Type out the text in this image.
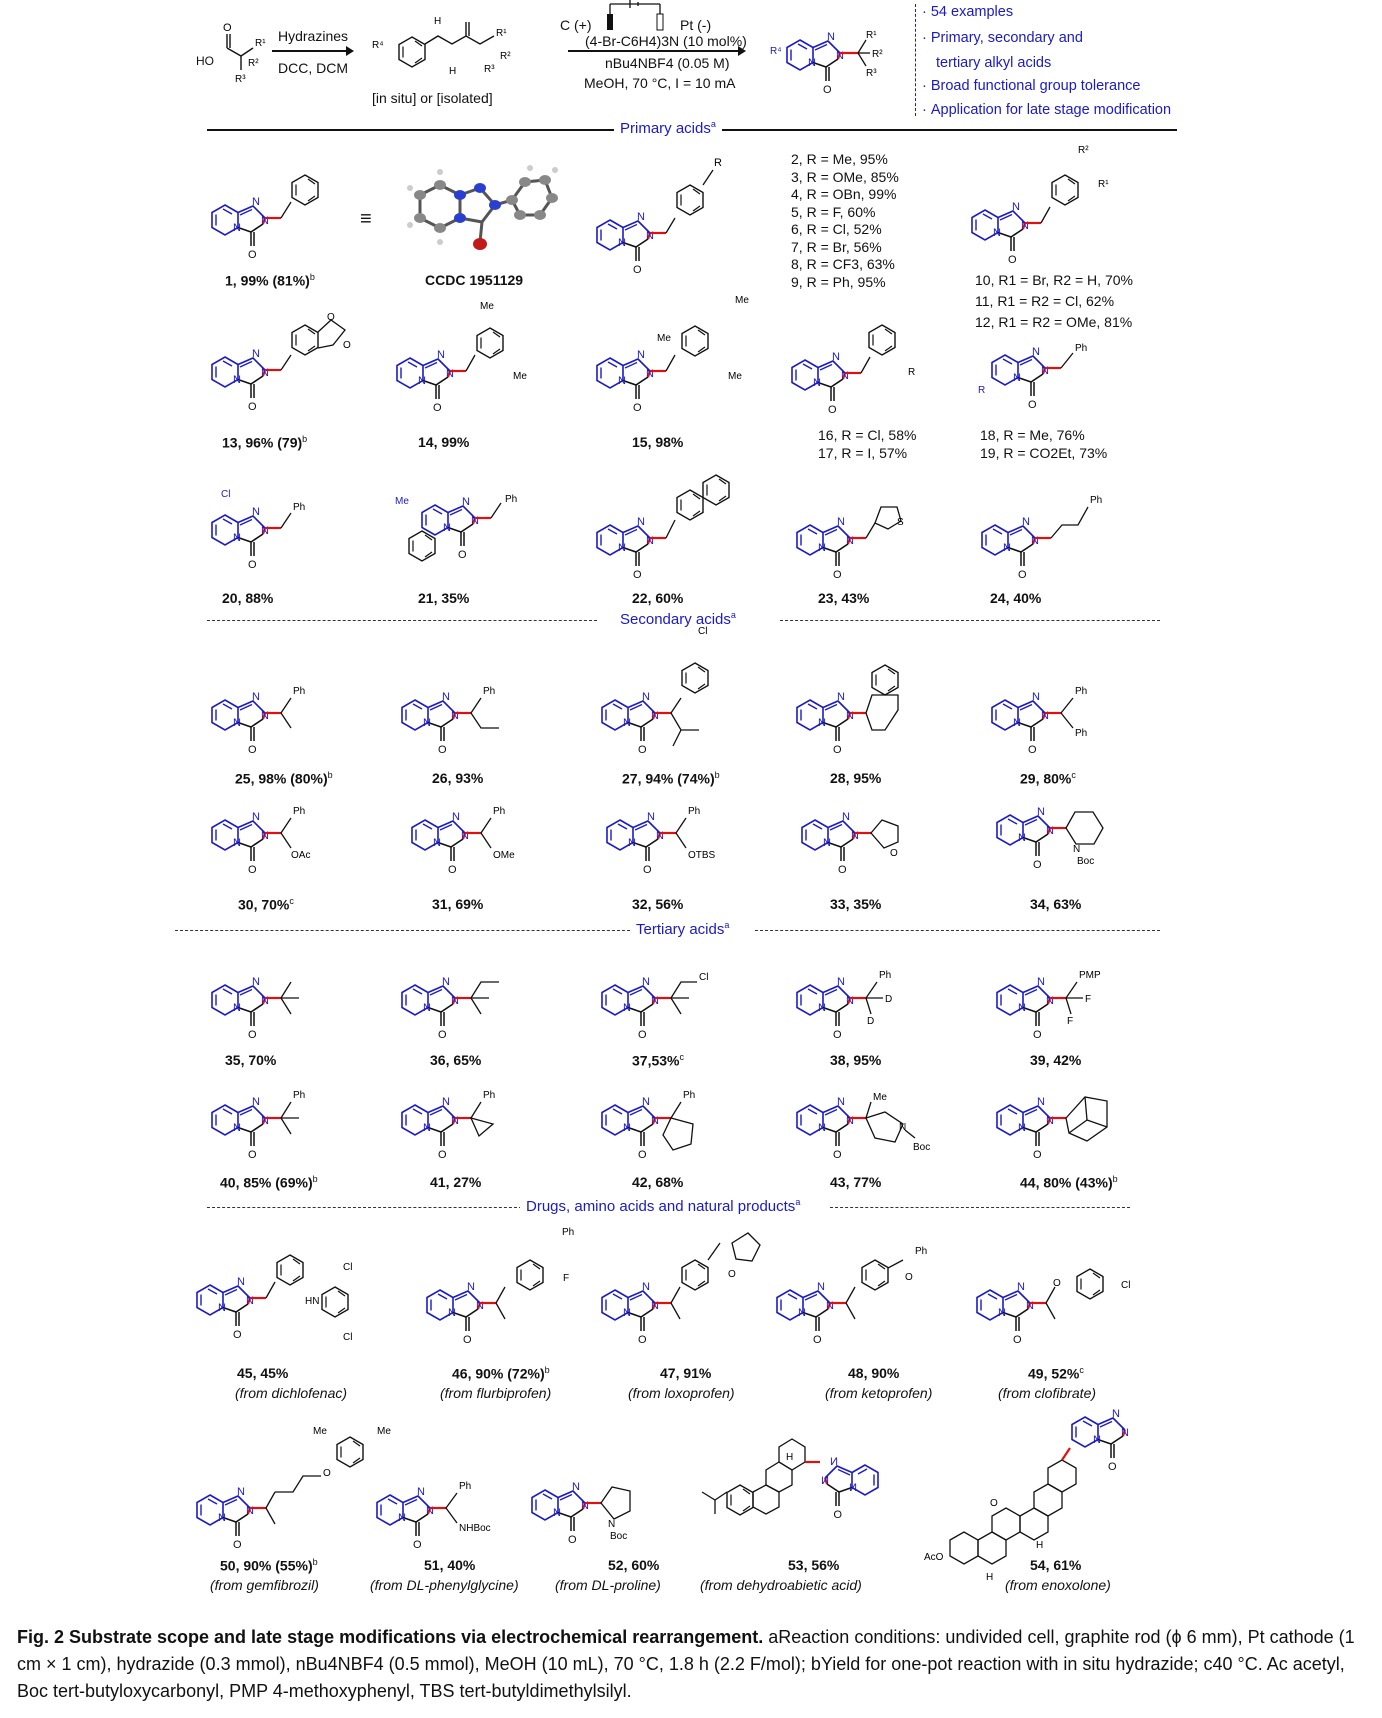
O
R¹
R²
R³
HO
Hydrazines
DCC, DCM
H
R⁴
R¹
R²
R³
H
[in situ] or [isolated]
C (+)	Pt (-)
(4-Br-C6H4)3N (10 mol%)
nBu4NBF4 (0.05 M)
MeOH, 70 °C, I = 10 mA
R¹
R²
R³
R⁴
· 54 examples
· Primary, secondary and
tertiary alkyl acids
· Broad functional group tolerance
· Application for late stage modification
Primary acids$^a$
1, 99% $(81\%)^b$
≡
CCDC 1951129
R	2, R = Me, 95%
3, R = OMe, 85%
4, R = OBn, 99%
5, R = F, 60%
6, R = Cl, 52%
7, R = Br, 56%
8, R = CF3, 63%
9, R = Ph, 95%
R²
R¹
10, R1 = Br, R2 = H, 70%
11, R1 = R2 = Cl, 62%
12, R1 = R2 = OMe, 81%
O
O
13, 96% $(79)^b$
Me
Me
14, 99%
Me
Me
Me
15, 98%
R
16, R = Cl, 58%
17, R = I, 57%
Ph
R
18, R = Me, 76%
19, R = CO2Et, 73%
Ph
Cl
20, 88%
Ph
Me
21, 35%	22, 60%
S
23, 43%
Ph
24, 40%
Secondary acids$^a$
Ph
25, 98% $(80\%)^b$
Ph
26, 93%
Cl
27, 94% $(74\%)^b$	28, 95%
Ph
Ph
29, 80%$^c$
Ph
OAc
30, 70%$^c$
Ph
OMe
31, 69%
Ph
OTBS
32, 56%
O
33, 35%
N
Boc
34, 63%
Tertiary acids$^a$
35, 70%	36, 65%
Cl
37,53%$^c$
Ph
D
D
38, 95%
PMP
F
F
39, 42%
Ph
40, 85% $(69\%)^b$
Ph
41, 27%
Ph
42, 68%
Me
N
Boc
43, 77%	44, 80% $(43\%)^b$
Drugs, amino acids and natural products$^a$
HN
Cl
Cl
45, 45%
(from dichlofenac)
F
Ph
46, 90% $(72\%)^b$
(from flurbiprofen)
O
47, 91%
(from loxoprofen)
Ph
O
48, 90%
(from ketoprofen)
O	Cl
49, 52%$^c$
(from clofibrate)
O
Me	Me
50, 90% $(55\%)^b$
(from gemfibrozil)
Ph
NHBoc
51, 40%
(from DL-phenylglycine)
N
Boc
52, 60%
(from DL-proline)
H
53, 56%
(from dehydroabietic acid)
O
AcO
H
H
54, 61%
(from enoxolone)
Fig. 2 Substrate scope and late stage modifications via electrochemical rearrangement. aReaction conditions: undivided cell, graphite rod (ϕ 6 mm), Pt cathode (1 cm × 1 cm), hydrazide (0.3 mmol), nBu4NBF4 (0.5 mmol), MeOH (10 mL), 70 °C, 1.8 h (2.2 F/mol); bYield for one-pot reaction with in situ hydrazide; c40 °C. Ac acetyl, Boc tert-butyloxycarbonyl, PMP 4-methoxyphenyl, TBS tert-butyldimethylsilyl.
